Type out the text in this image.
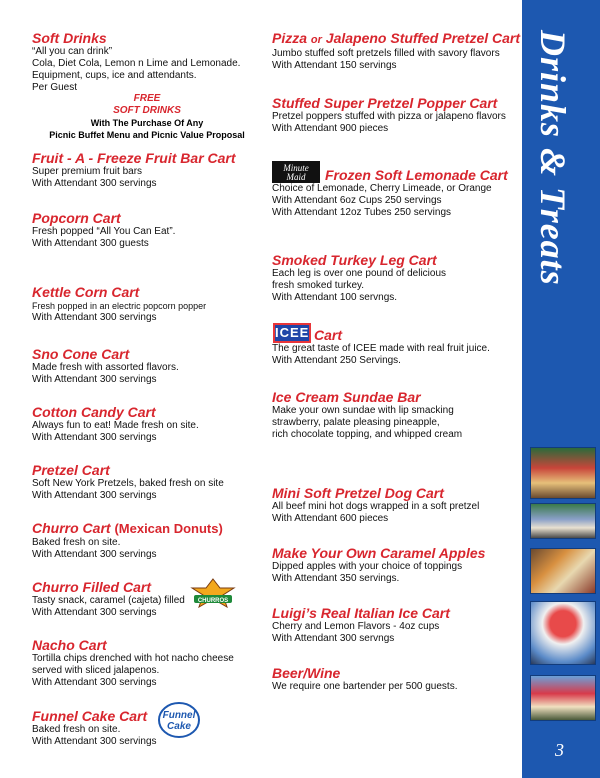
Soft Drinks
“All you can drink”
Cola, Diet Cola, Lemon n Lime and Lemonade.
Equipment, cups, ice and attendants.
Per Guest
FREE
SOFT DRINKS
With The Purchase Of Any
Picnic Buffet Menu and Picnic Value Proposal
Fruit - A - Freeze Fruit Bar Cart
Super premium fruit bars
With Attendant 300 servings
Popcorn Cart
Fresh popped “All You Can Eat”.
With Attendant 300 guests
Kettle Corn Cart
Fresh popped in an electric popcorn popper
With Attendant 300 servings
Sno Cone Cart
Made fresh with assorted flavors.
With Attendant 300 servings
Cotton Candy Cart
Always fun to eat! Made fresh on site.
With Attendant 300 servings
Pretzel Cart
Soft New York Pretzels, baked fresh on site
With Attendant 300 servings
Churro Cart (Mexican Donuts)
Baked fresh on site.
With Attendant 300 servings
Churro Filled Cart
Tasty snack, caramel (cajeta) filled
With Attendant 300 servings
Nacho Cart
Tortilla chips drenched with hot nacho cheese
served with sliced jalapenos.
With Attendant 300 servings
Funnel Cake Cart
Baked fresh on site.
With Attendant 300 servings
CHURROS
Funnel
Cake
Pizza or Jalapeno Stuffed Pretzel Cart
Jumbo stuffed soft pretzels filled with savory flavors
With Attendant 150 servings
Stuffed Super Pretzel Popper Cart
Pretzel poppers stuffed with pizza or jalapeno flavors
With Attendant 900 pieces
Frozen Soft Lemonade Cart
Choice of Lemonade, Cherry Limeade, or Orange
With Attendant 6oz Cups 250 servings
With Attendant 12oz Tubes 250 servings
Smoked Turkey Leg Cart
Each leg is over one pound of delicious
fresh smoked turkey.
With Attendant 100 servngs.
Cart
The great taste of ICEE made with real fruit juice.
With Attendant 250 Servings.
Ice Cream Sundae Bar
Make your own sundae with lip smacking
strawberry, palate pleasing pineapple,
rich chocolate topping, and whipped cream
Mini Soft Pretzel Dog Cart
All beef mini hot dogs wrapped in a soft pretzel
With Attendant 600 pieces
Make Your Own Caramel Apples
Dipped apples with your choice of toppings
With Attendant 350 servings.
Luigi’s Real Italian Ice Cart
Cherry and Lemon Flavors - 4oz cups
With Attendant 300 servngs
Beer/Wine
We require one bartender per 500 guests.
Minute
Maid
ICEE
Drinks & Treats
3
